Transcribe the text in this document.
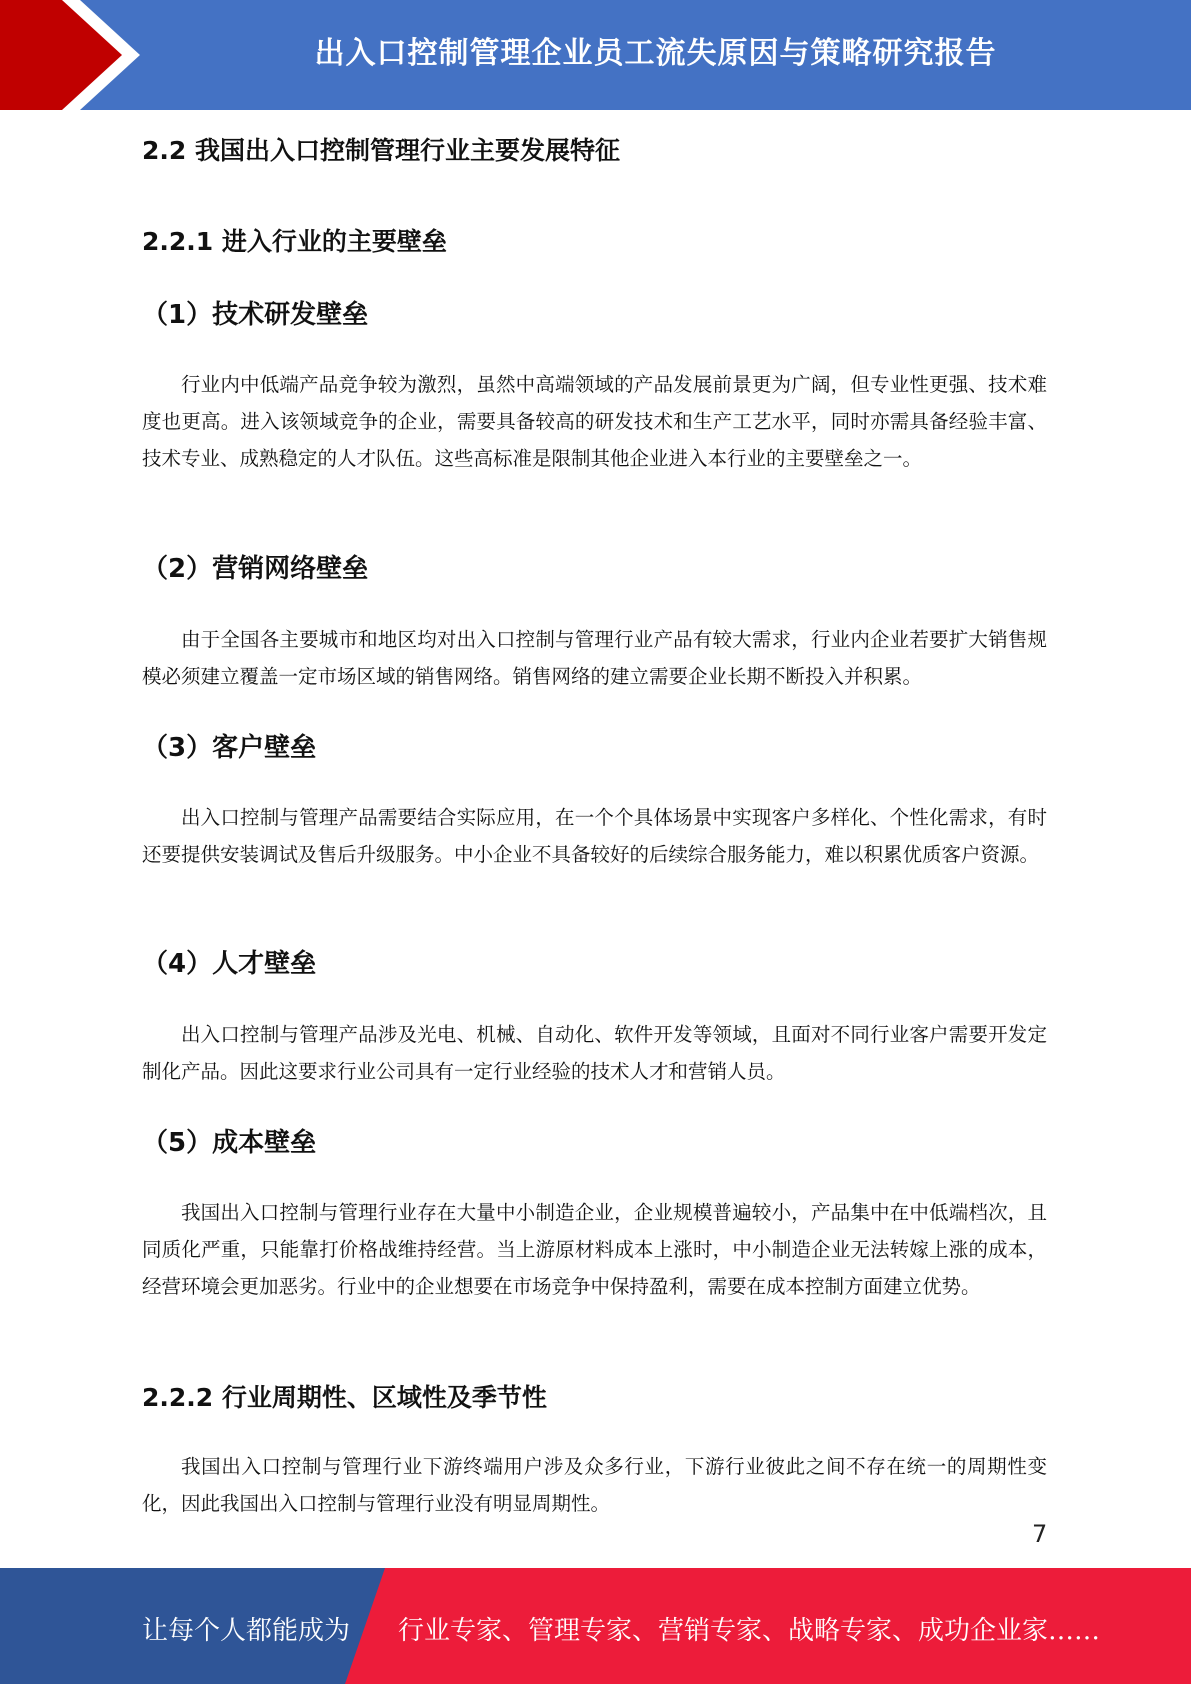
出入口控制管理企业员工流失原因与策略研究报告
2.2 我国出入口控制管理行业主要发展特征
2.2.1 进入行业的主要壁垒
（1）技术研发壁垒
行业内中低端产品竞争较为激烈，虽然中高端领域的产品发展前景更为广阔，但专业性更强、技术难度也更高。进入该领域竞争的企业，需要具备较高的研发技术和生产工艺水平，同时亦需具备经验丰富、技术专业、成熟稳定的人才队伍。这些高标准是限制其他企业进入本行业的主要壁垒之一。
（2）营销网络壁垒
由于全国各主要城市和地区均对出入口控制与管理行业产品有较大需求，行业内企业若要扩大销售规模必须建立覆盖一定市场区域的销售网络。销售网络的建立需要企业长期不断投入并积累。
（3）客户壁垒
出入口控制与管理产品需要结合实际应用，在一个个具体场景中实现客户多样化、个性化需求，有时还要提供安装调试及售后升级服务。中小企业不具备较好的后续综合服务能力，难以积累优质客户资源。
（4）人才壁垒
出入口控制与管理产品涉及光电、机械、自动化、软件开发等领域，且面对不同行业客户需要开发定制化产品。因此这要求行业公司具有一定行业经验的技术人才和营销人员。
（5）成本壁垒
我国出入口控制与管理行业存在大量中小制造企业，企业规模普遍较小，产品集中在中低端档次，且同质化严重，只能靠打价格战维持经营。当上游原材料成本上涨时，中小制造企业无法转嫁上涨的成本，经营环境会更加恶劣。行业中的企业想要在市场竞争中保持盈利，需要在成本控制方面建立优势。
2.2.2 行业周期性、区域性及季节性
我国出入口控制与管理行业下游终端用户涉及众多行业，下游行业彼此之间不存在统一的周期性变化，因此我国出入口控制与管理行业没有明显周期性。
7
让每个人都能成为 行业专家、管理专家、营销专家、战略专家、成功企业家……
